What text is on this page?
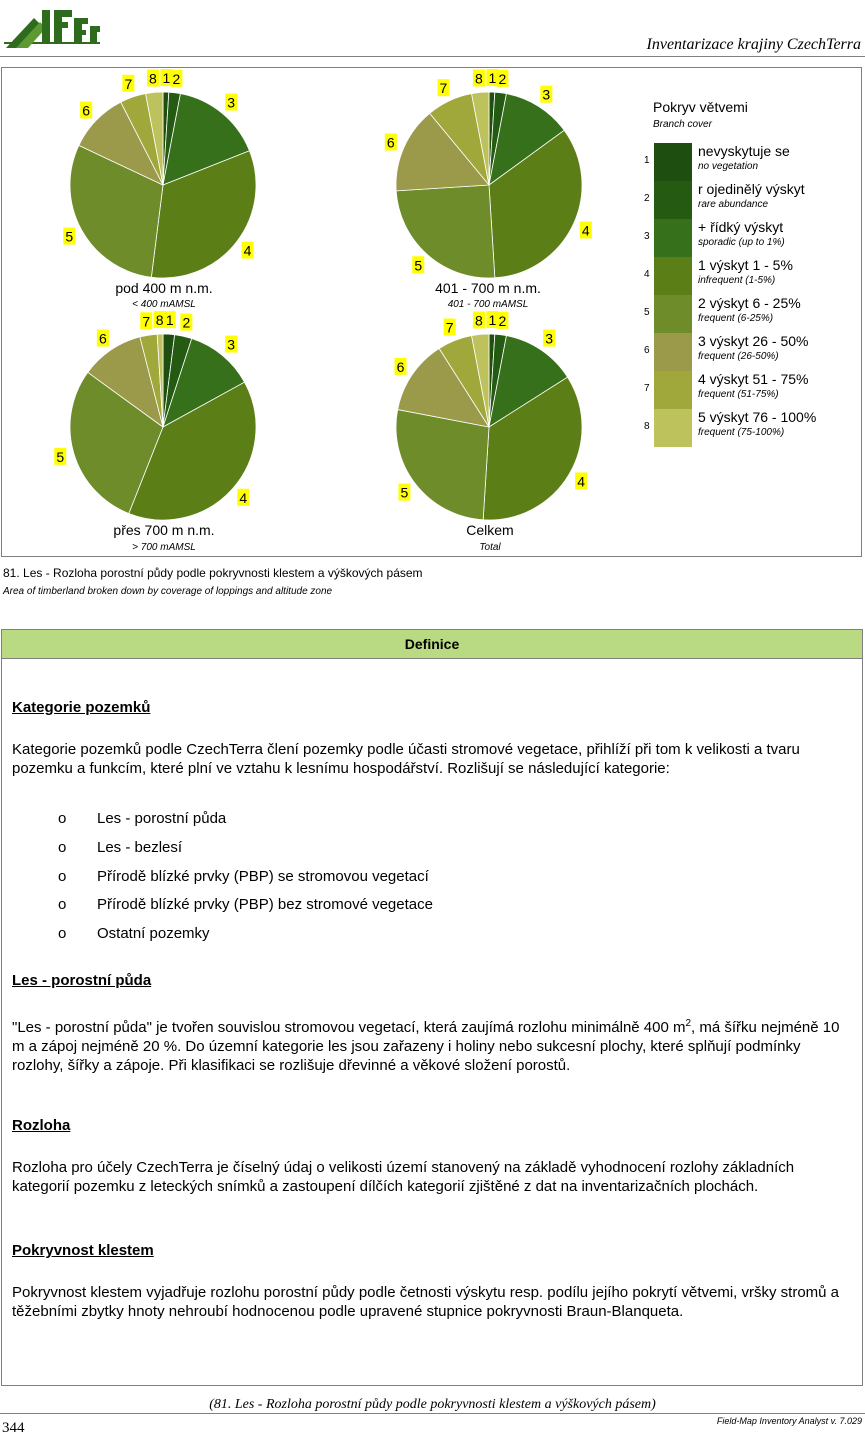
Inventarizace krajiny CzechTerra
1 2
3
4
5
6
7 8	1 2
3
4
5
6
7
8
1 2
3
4
5
6
7 8	1 2
3
4
5
6
7 8
pod 400 m n.m.
< 400 mAMSL
401 - 700 m n.m.
401 - 700 mAMSL
přes 700 m n.m.
> 700 mAMSL
Celkem
Total
Pokryv větvemi
Branch cover
1
nevyskytuje se
no vegetation
2
r ojedinělý výskyt
rare abundance
3
+ řídký výskyt
sporadic (up to 1%)
4
1 výskyt 1 - 5%
infrequent (1-5%)
5
2 výskyt 6 - 25%
frequent (6-25%)
6
3 výskyt 26 - 50%
frequent (26-50%)
7
4 výskyt 51 - 75%
frequent (51-75%)
8
5 výskyt 76 - 100%
frequent (75-100%)
81. Les - Rozloha porostní půdy podle pokryvnosti klestem a výškových pásem
Area of timberland broken down by coverage of loppings and altitude zone
Definice
Kategorie pozemků
Kategorie pozemků podle CzechTerra člení pozemky podle účasti stromové vegetace, přihlíží při tom k velikosti a tvaru pozemku a funkcím, které plní ve vztahu k lesnímu hospodářství. Rozlišují se následující kategorie:
o Les - porostní půda
o Les - bezlesí
o Přírodě blízké prvky (PBP) se stromovou vegetací
o Přírodě blízké prvky (PBP) bez stromové vegetace
o Ostatní pozemky
Les - porostní půda
"Les - porostní půda" je tvořen souvislou stromovou vegetací, která zaujímá rozlohu minimálně 400 $m^2$, má šířku nejméně 10 m a zápoj nejméně 20 %. Do územní kategorie les jsou zařazeny i holiny nebo sukcesní plochy, které splňují podmínky rozlohy, šířky a zápoje. Při klasifikaci se rozlišuje dřevinné a věkové složení porostů.
Rozloha
Rozloha pro účely CzechTerra je číselný údaj o velikosti území stanovený na základě vyhodnocení rozlohy základních kategorií pozemku z leteckých snímků a zastoupení dílčích kategorií zjištěné z dat na inventarizačních plochách.
Pokryvnost klestem
Pokryvnost klestem vyjadřuje rozlohu porostní půdy podle četnosti výskytu resp. podílu jejího pokrytí větvemi, vršky stromů a těžebními zbytky hnoty nehroubí hodnocenou podle upravené stupnice pokryvnosti Braun-Blanqueta.
(81. Les - Rozloha porostní půdy podle pokryvnosti klestem a výškových pásem)
344	Field-Map Inventory Analyst v. 7.029
